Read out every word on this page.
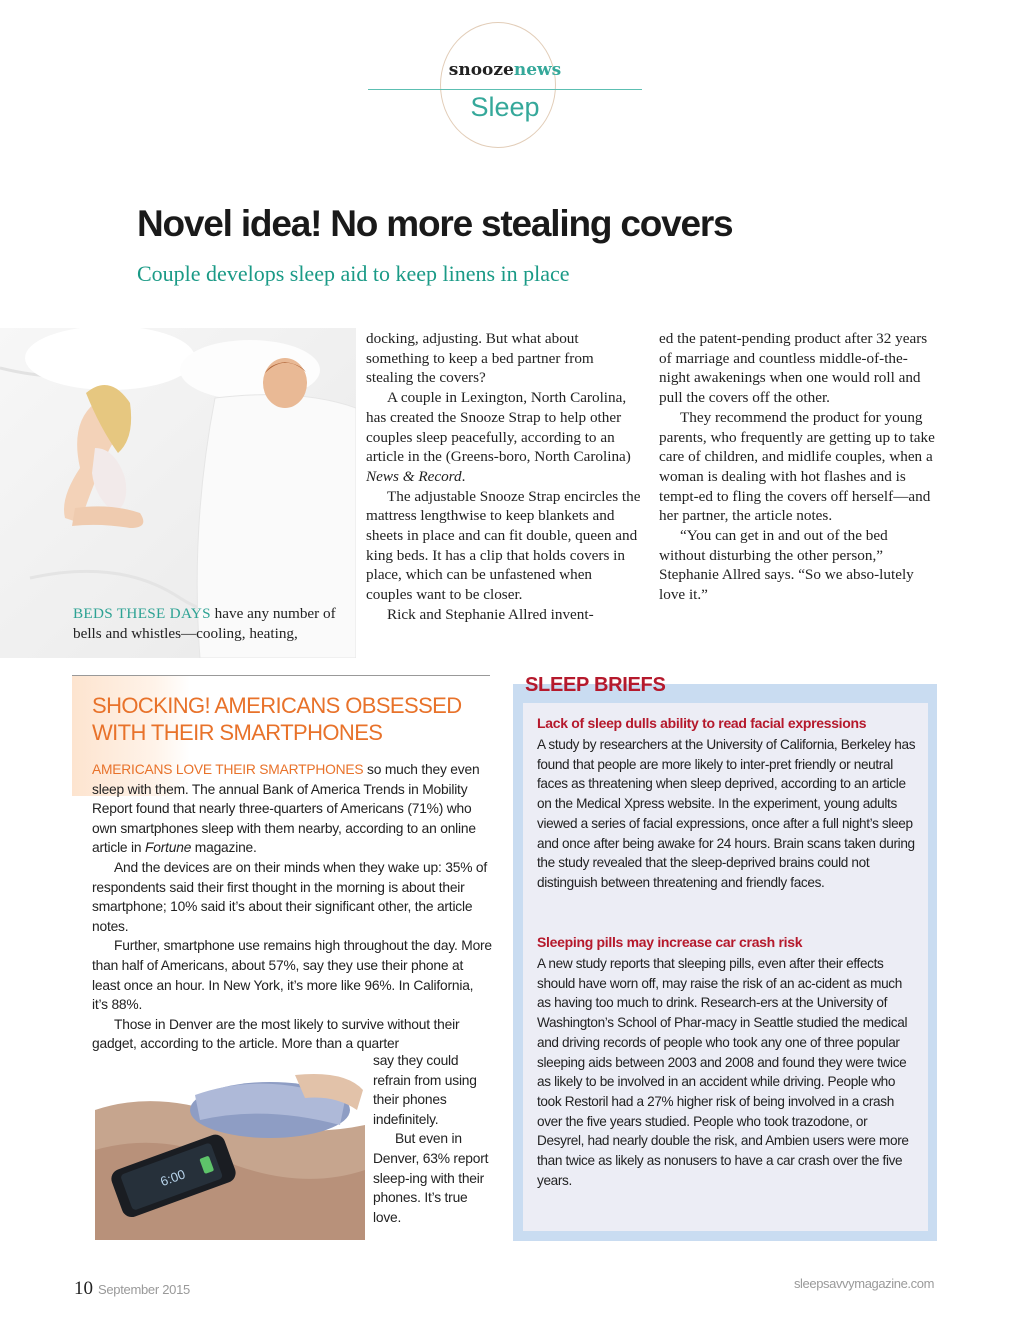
snoozenews
Sleep
Novel idea! No more stealing covers
Couple develops sleep aid to keep linens in place
BEDS THESE DAYS have any number of bells and whistles—cooling, heating,

docking, adjusting. But what about something to keep a bed partner from stealing the covers?

A couple in Lexington, North Carolina, has created the Snooze Strap to help other couples sleep peacefully, according to an article in the (Greens-boro, North Carolina) News & Record.

The adjustable Snooze Strap encircles the mattress lengthwise to keep blankets and sheets in place and can fit double, queen and king beds. It has a clip that holds covers in place, which can be unfastened when couples want to be closer.

Rick and Stephanie Allred invent-

ed the patent-pending product after 32 years of marriage and countless middle-of-the-night awakenings when one would roll and pull the covers off the other.

They recommend the product for young parents, who frequently are getting up to take care of children, and midlife couples, when a woman is dealing with hot flashes and is tempt-ed to fling the covers off herself—and her partner, the article notes.

“You can get in and out of the bed without disturbing the other person,” Stephanie Allred says. “So we abso-lutely love it.”

SHOCKING! AMERICANS OBSESSED WITH THEIR SMARTPHONES

AMERICANS LOVE THEIR SMARTPHONES so much they even sleep with them. The annual Bank of America Trends in Mobility Report found that nearly three-quarters of Americans (71%) who own smartphones sleep with them nearby, according to an online article in Fortune magazine.

And the devices are on their minds when they wake up: 35% of respondents said their first thought in the morning is about their smartphone; 10% said it’s about their significant other, the article notes.

Further, smartphone use remains high throughout the day. More than half of Americans, about 57%, say they use their phone at least once an hour. In New York, it’s more like 96%. In California, it’s 88%.

Those in Denver are the most likely to survive without their gadget, according to the article. More than a quarter

say they could refrain from using their phones indefinitely.

But even in Denver, 63% report sleep-ing with their phones. It’s true love.

6:00
SLEEP BRIEFS
Lack of sleep dulls ability to read facial expressions
A study by researchers at the University of California, Berkeley has found that people are more likely to inter-pret friendly or neutral faces as threatening when sleep deprived, according to an article on the Medical Xpress website. In the experiment, young adults viewed a series of facial expressions, once after a full night’s sleep and once after being awake for 24 hours. Brain scans taken during the study revealed that the sleep-deprived brains could not distinguish between threatening and friendly faces.
Sleeping pills may increase car crash risk
A new study reports that sleeping pills, even after their effects should have worn off, may raise the risk of an ac-cident as much as having too much to drink. Research-ers at the University of Washington’s School of Phar-macy in Seattle studied the medical and driving records of people who took any one of three popular sleeping aids between 2003 and 2008 and found they were twice as likely to be involved in an accident while driving. People who took Restoril had a 27% higher risk of being involved in a crash over the five years studied. People who took trazodone, or Desyrel, had nearly double the risk, and Ambien users were more than twice as likely as nonusers to have a car crash over the five years.
10 September 2015	sleepsavvymagazine.com
